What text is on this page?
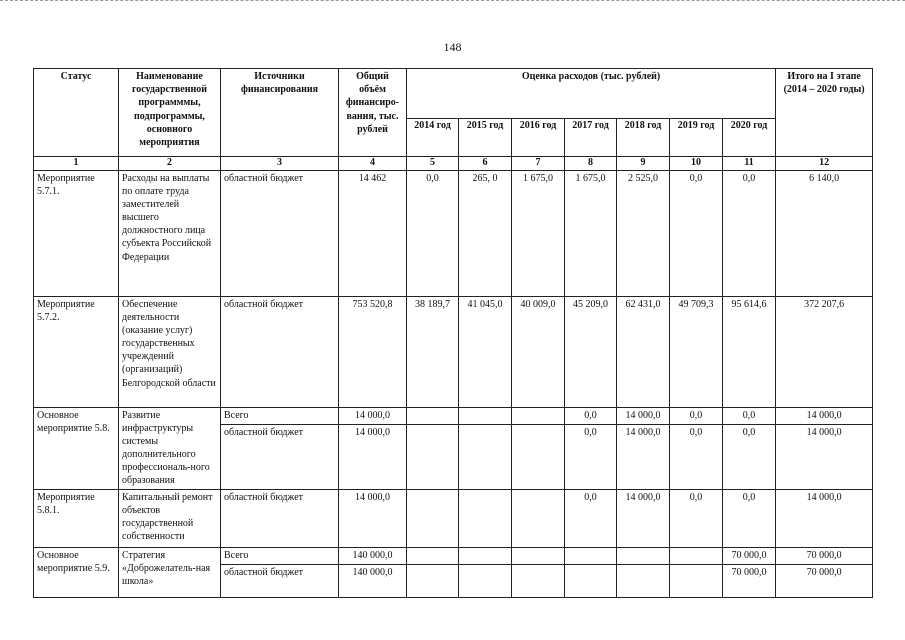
148
Статус	Наименование государственной программмы, подпрограммы, основного мероприятия	Источники финансирования	Общий объём финансиро-вания, тыс. рублей	Оценка расходов (тыс. рублей)							Итого на I этапе (2014 – 2020 годы)
				2014 год	2015 год	2016 год	2017 год	2018 год	2019 год	2020 год	
1	2	3	4	5	6	7	8	9	10	11	12
Мероприятие 5.7.1.	Расходы на выплаты по оплате труда заместителей высшего должностного лица субъекта Российской Федерации	областной бюджет	14 462	0,0	265, 0	1 675,0	1 675,0	2 525,0	0,0	0,0	6 140,0
Мероприятие 5.7.2.	Обеспечение деятельности (оказание услуг) государственных учреждений (организаций) Белгородской области	областной бюджет	753 520,8	38 189,7	41 045,0	40 009,0	45 209,0	62 431,0	49 709,3	95 614,6	372 207,6
Основное мероприятие 5.8.	Развитие инфраструктуры системы дополнительного профессиональ-ного образования	Всего	14 000,0				0,0	14 000,0	0,0	0,0	14 000,0
		областной бюджет	14 000,0				0,0	14 000,0	0,0	0,0	14 000,0
Мероприятие 5.8.1.	Капитальный ремонт объектов государственной собственности	областной бюджет	14 000,0				0,0	14 000,0	0,0	0,0	14 000,0
Основное мероприятие 5.9.	Стратегия «Доброжелатель-ная школа»	Всего	140 000,0							70 000,0	70 000,0
		областной бюджет	140 000,0							70 000,0	70 000,0
